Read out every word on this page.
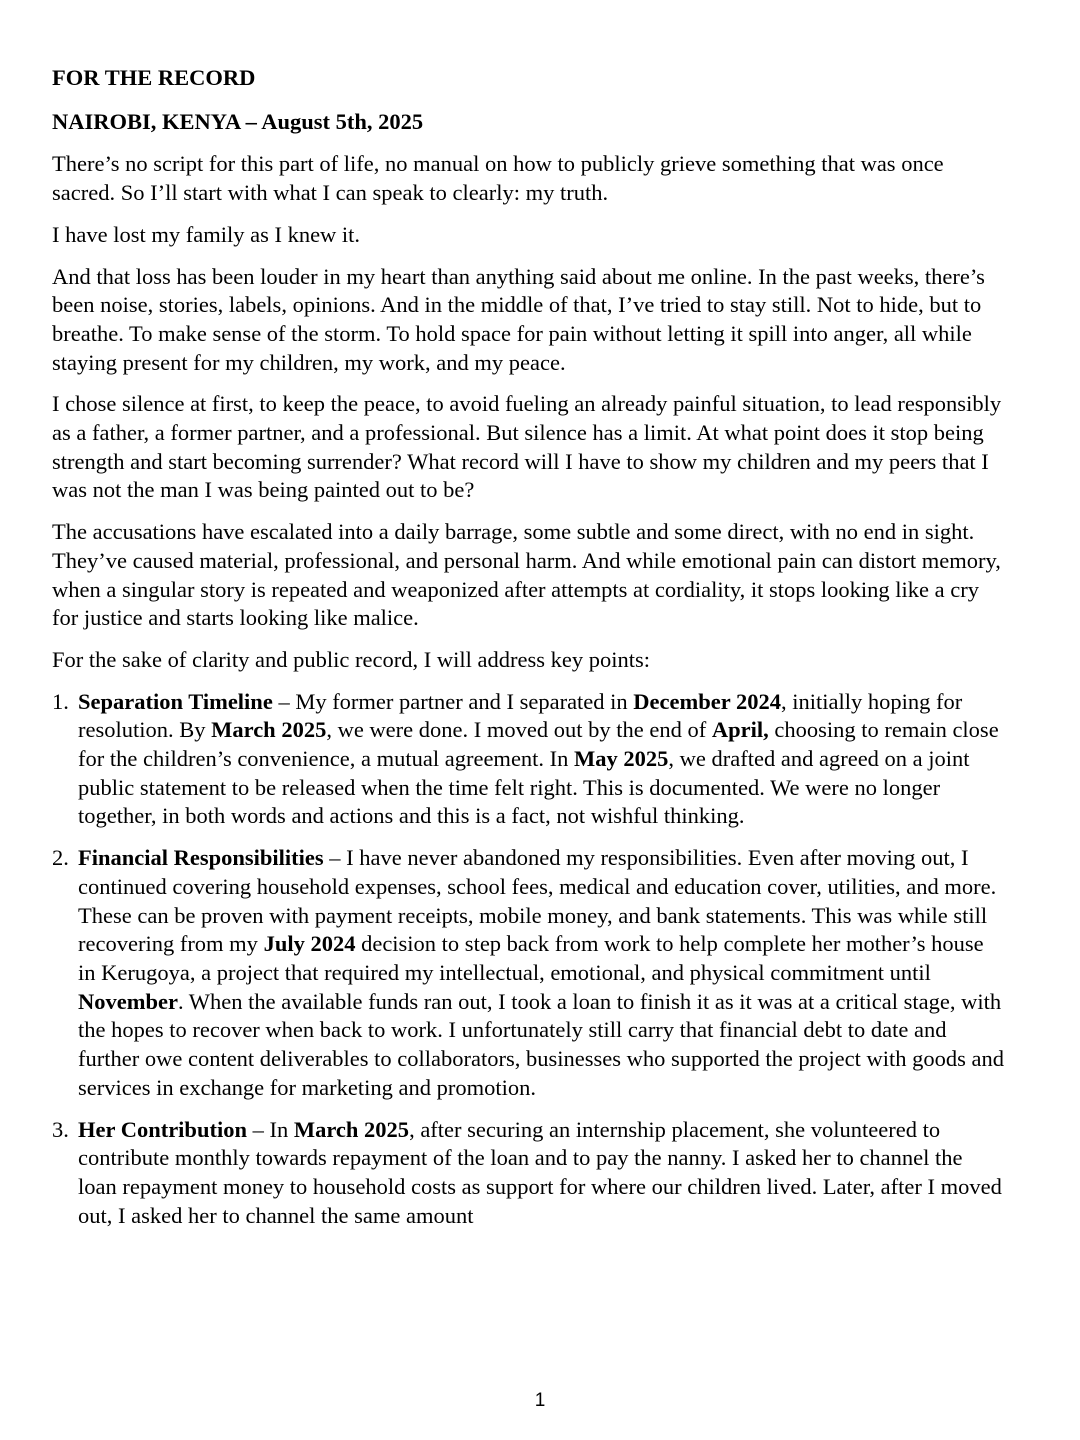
FOR THE RECORD
NAIROBI, KENYA – August 5th, 2025

There’s no script for this part of life, no manual on how to publicly grieve something that was once sacred. So I’ll start with what I can speak to clearly: my truth.

I have lost my family as I knew it.

And that loss has been louder in my heart than anything said about me online. In the past weeks, there’s been noise, stories, labels, opinions. And in the middle of that, I’ve tried to stay still. Not to hide, but to breathe. To make sense of the storm. To hold space for pain without letting it spill into anger, all while staying present for my children, my work, and my peace.

I chose silence at first, to keep the peace, to avoid fueling an already painful situation, to lead responsibly as a father, a former partner, and a professional. But silence has a limit. At what point does it stop being strength and start becoming surrender? What record will I have to show my children and my peers that I was not the man I was being painted out to be?

The accusations have escalated into a daily barrage, some subtle and some direct, with no end in sight. They’ve caused material, professional, and personal harm. And while emotional pain can distort memory, when a singular story is repeated and weaponized after attempts at cordiality, it stops looking like a cry for justice and starts looking like malice.

For the sake of clarity and public record, I will address key points:

1. Separation Timeline – My former partner and I separated in December 2024, initially hoping for resolution. By March 2025, we were done. I moved out by the end of April, choosing to remain close for the children’s convenience, a mutual agreement. In May 2025, we drafted and agreed on a joint public statement to be released when the time felt right. This is documented. We were no longer together, in both words and actions and this is a fact, not wishful thinking.
2. Financial Responsibilities – I have never abandoned my responsibilities. Even after moving out, I continued covering household expenses, school fees, medical and education cover, utilities, and more. These can be proven with payment receipts, mobile money, and bank statements. This was while still recovering from my July 2024 decision to step back from work to help complete her mother’s house in Kerugoya, a project that required my intellectual, emotional, and physical commitment until November. When the available funds ran out, I took a loan to finish it as it was at a critical stage, with the hopes to recover when back to work. I unfortunately still carry that financial debt to date and further owe content deliverables to collaborators, businesses who supported the project with goods and services in exchange for marketing and promotion.
3. Her Contribution – In March 2025, after securing an internship placement, she volunteered to contribute monthly towards repayment of the loan and to pay the nanny. I asked her to channel the loan repayment money to household costs as support for where our children lived. Later, after I moved out, I asked her to channel the same amount
1
